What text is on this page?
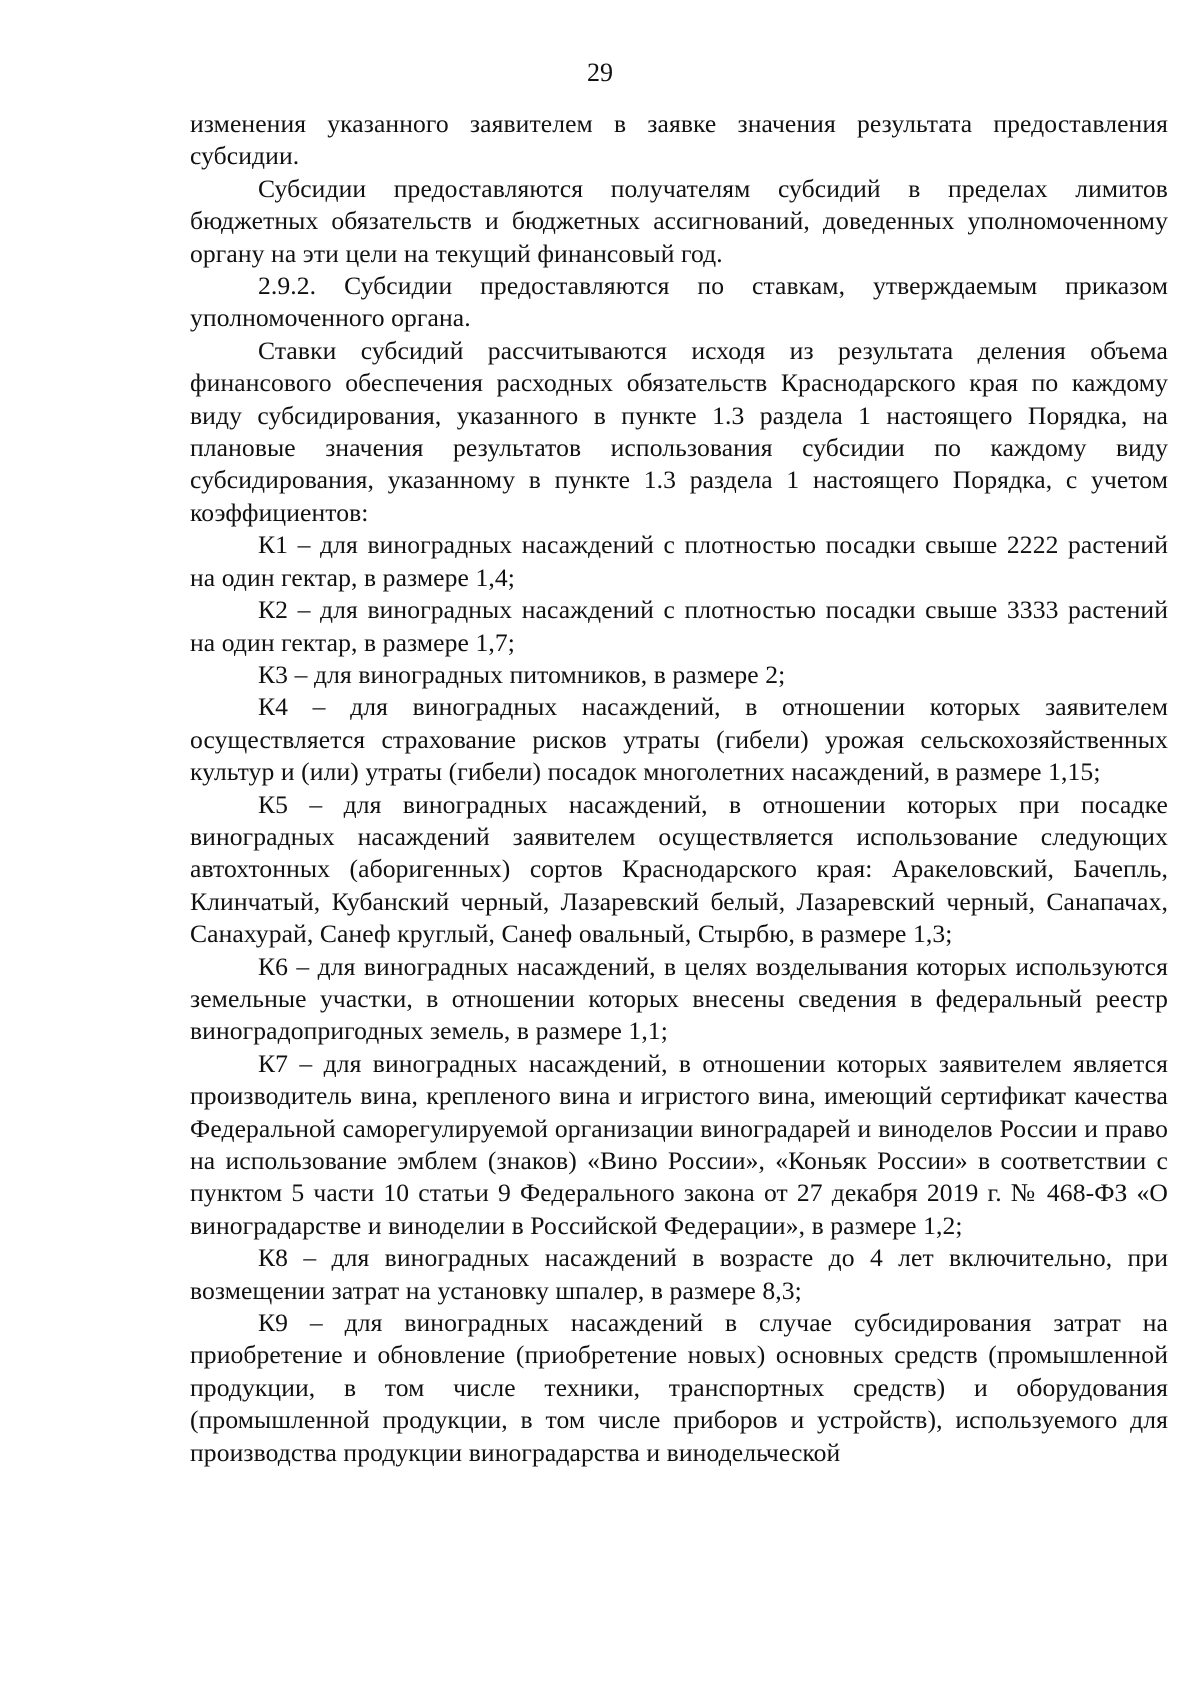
29

изменения указанного заявителем в заявке значения результата предоставления субсидии.

Субсидии предоставляются получателям субсидий в пределах лимитов бюджетных обязательств и бюджетных ассигнований, доведенных уполномоченному органу на эти цели на текущий финансовый год.

2.9.2. Субсидии предоставляются по ставкам, утверждаемым приказом уполномоченного органа.

Ставки субсидий рассчитываются исходя из результата деления объема финансового обеспечения расходных обязательств Краснодарского края по каждому виду субсидирования, указанного в пункте 1.3 раздела 1 настоящего Порядка, на плановые значения результатов использования субсидии по каждому виду субсидирования, указанному в пункте 1.3 раздела 1 настоящего Порядка, с учетом коэффициентов:

К1 – для виноградных насаждений с плотностью посадки свыше 2222 растений на один гектар, в размере 1,4;

К2 – для виноградных насаждений с плотностью посадки свыше 3333 растений на один гектар, в размере 1,7;

К3 – для виноградных питомников, в размере 2;

К4 – для виноградных насаждений, в отношении которых заявителем осуществляется страхование рисков утраты (гибели) урожая сельскохозяйственных культур и (или) утраты (гибели) посадок многолетних насаждений, в размере 1,15;

К5 – для виноградных насаждений, в отношении которых при посадке виноградных насаждений заявителем осуществляется использование следующих автохтонных (аборигенных) сортов Краснодарского края: Аракеловский, Бачепль, Клинчатый, Кубанский черный, Лазаревский белый, Лазаревский черный, Санапачах, Санахурай, Санеф круглый, Санеф овальный, Стырбю, в размере 1,3;

К6 – для виноградных насаждений, в целях возделывания которых используются земельные участки, в отношении которых внесены сведения в федеральный реестр виноградопригодных земель, в размере 1,1;

К7 – для виноградных насаждений, в отношении которых заявителем является производитель вина, крепленого вина и игристого вина, имеющий сертификат качества Федеральной саморегулируемой организации виноградарей и виноделов России и право на использование эмблем (знаков) «Вино России», «Коньяк России» в соответствии с пунктом 5 части 10 статьи 9 Федерального закона от 27 декабря 2019 г. № 468-ФЗ «О виноградарстве и виноделии в Российской Федерации», в размере 1,2;

К8 – для виноградных насаждений в возрасте до 4 лет включительно, при возмещении затрат на установку шпалер, в размере 8,3;

К9 – для виноградных насаждений в случае субсидирования затрат на приобретение и обновление (приобретение новых) основных средств (промышленной продукции, в том числе техники, транспортных средств) и оборудования (промышленной продукции, в том числе приборов и устройств), используемого для производства продукции виноградарства и винодельческой
